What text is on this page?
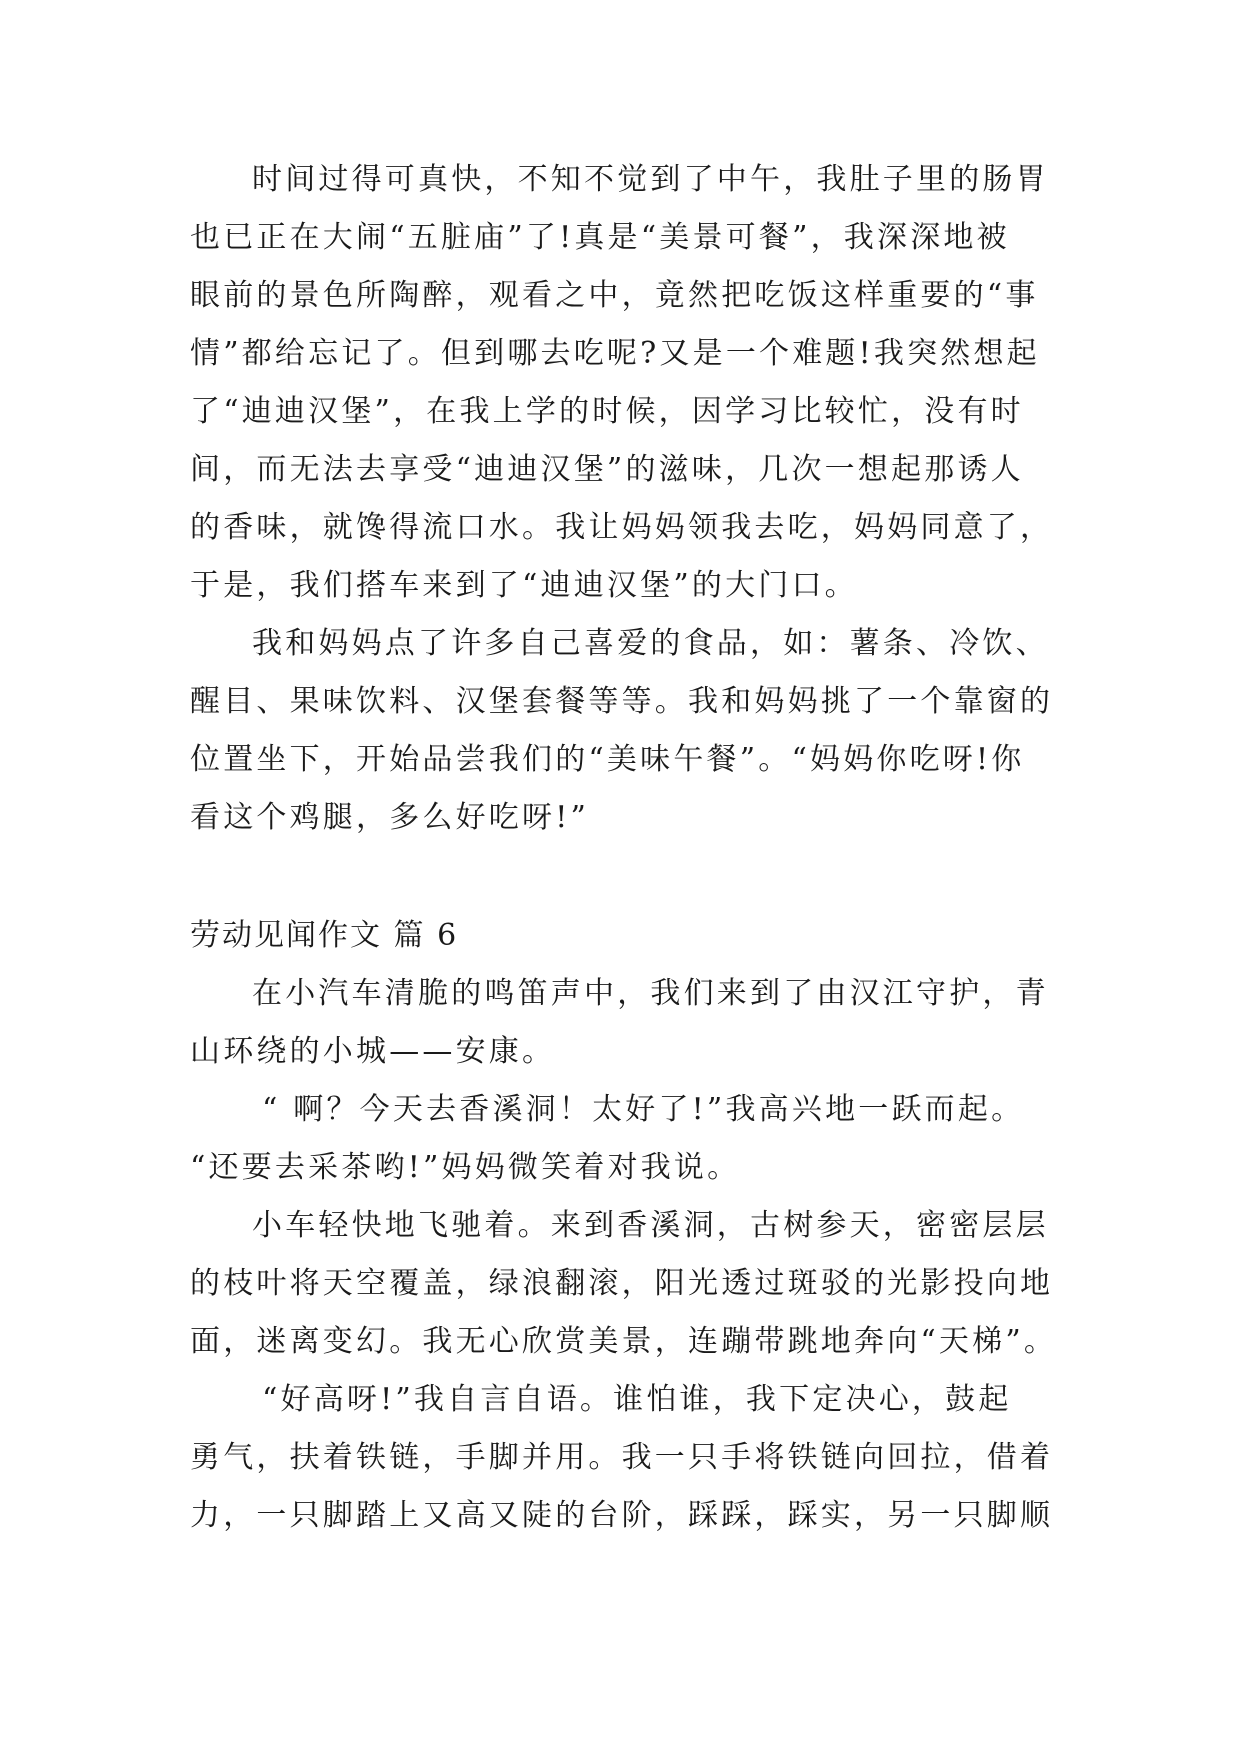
时间过得可真快，不知不觉到了中午，我肚子里的肠胃

也已正在大闹“五脏庙”了!真是“美景可餐”，我深深地被

眼前的景色所陶醉，观看之中，竟然把吃饭这样重要的“事

情”都给忘记了。但到哪去吃呢?又是一个难题!我突然想起

了“迪迪汉堡”，在我上学的时候，因学习比较忙，没有时

间，而无法去享受“迪迪汉堡”的滋味，几次一想起那诱人

的香味，就馋得流口水。我让妈妈领我去吃，妈妈同意了，

于是，我们搭车来到了“迪迪汉堡”的大门口。

我和妈妈点了许多自己喜爱的食品，如：薯条、冷饮、

醒目、果味饮料、汉堡套餐等等。我和妈妈挑了一个靠窗的

位置坐下，开始品尝我们的“美味午餐”。“妈妈你吃呀!你

看这个鸡腿，多么好吃呀!”

劳动见闻作文 篇 6

在小汽车清脆的鸣笛声中，我们来到了由汉江守护，青

山环绕的小城——安康。

“ 啊？今天去香溪洞！太好了!”我高兴地一跃而起。

“还要去采茶哟!”妈妈微笑着对我说。

小车轻快地飞驰着。来到香溪洞，古树参天，密密层层

的枝叶将天空覆盖，绿浪翻滚，阳光透过斑驳的光影投向地

面，迷离变幻。我无心欣赏美景，连蹦带跳地奔向“天梯”。

“好高呀!”我自言自语。谁怕谁，我下定决心，鼓起

勇气，扶着铁链，手脚并用。我一只手将铁链向回拉，借着

力，一只脚踏上又高又陡的台阶，踩踩，踩实，另一只脚顺
